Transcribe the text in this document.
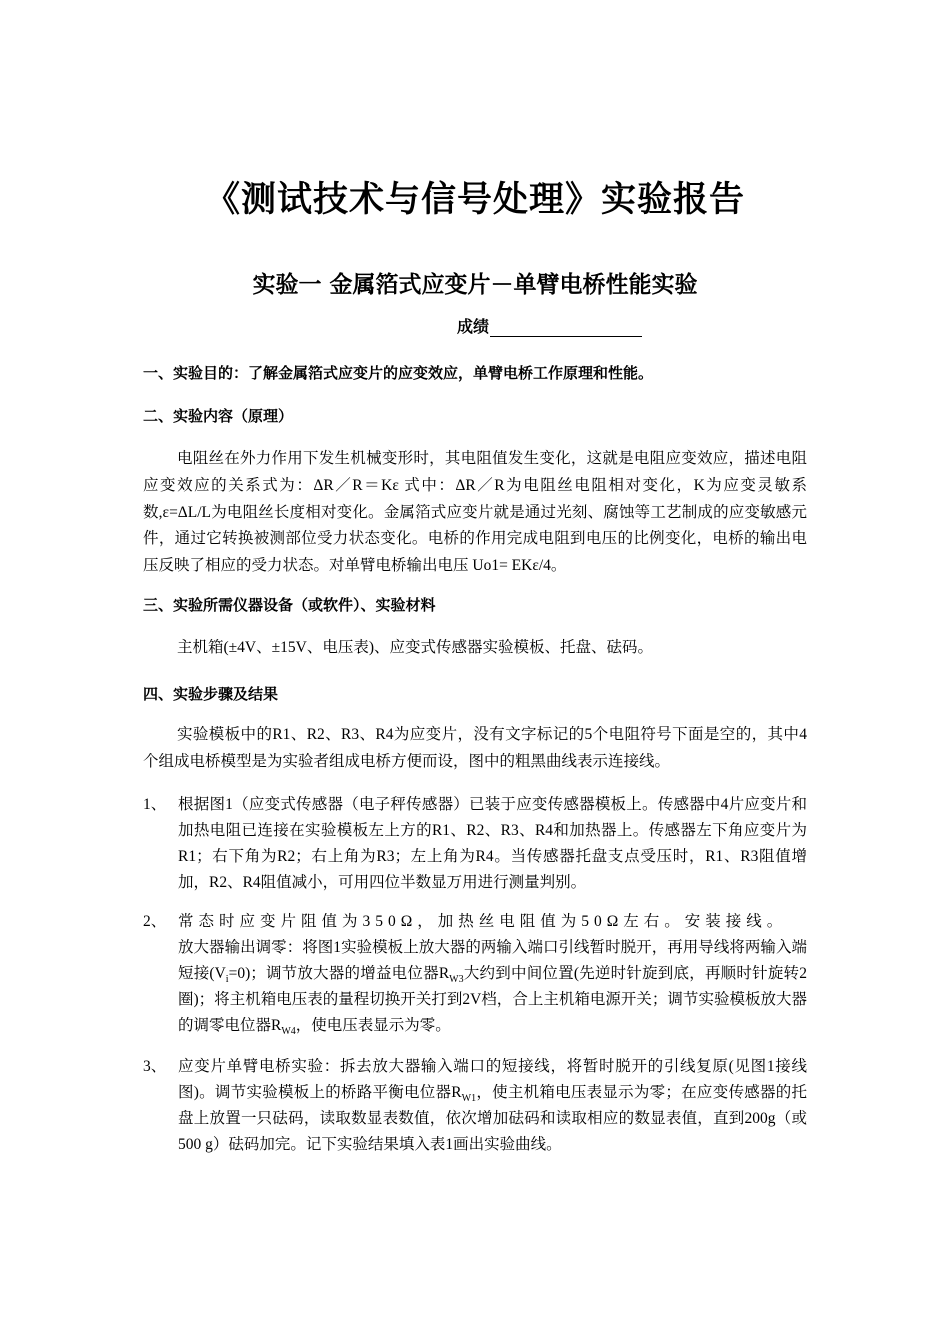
《测试技术与信号处理》实验报告
实验一 金属箔式应变片－单臂电桥性能实验
成绩
一、实验目的：了解金属箔式应变片的应变效应，单臂电桥工作原理和性能。
二、实验内容（原理）
电阻丝在外力作用下发生机械变形时，其电阻值发生变化，这就是电阻应变效应，描述电阻应变效应的关系式为：ΔR／R＝Kε 式中：ΔR／R为电阻丝电阻相对变化，K为应变灵敏系数,ε=ΔL/L为电阻丝长度相对变化。金属箔式应变片就是通过光刻、腐蚀等工艺制成的应变敏感元件，通过它转换被测部位受力状态变化。电桥的作用完成电阻到电压的比例变化，电桥的输出电压反映了相应的受力状态。对单臂电桥输出电压 Uo1= EKε/4。
三、实验所需仪器设备（或软件）、实验材料
主机箱(±4V、±15V、电压表)、应变式传感器实验模板、托盘、砝码。
四、实验步骤及结果
实验模板中的R1、R2、R3、R4为应变片，没有文字标记的5个电阻符号下面是空的，其中4个组成电桥模型是为实验者组成电桥方便而设，图中的粗黑曲线表示连接线。
1、 根据图1（应变式传感器（电子秤传感器）已装于应变传感器模板上。传感器中4片应变片和加热电阻已连接在实验模板左上方的R1、R2、R3、R4和加热器上。传感器左下角应变片为R1；右下角为R2；右上角为R3；左上角为R4。当传感器托盘支点受压时，R1、R3阻值增加，R2、R4阻值减小，可用四位半数显万用进行测量判别。
2、 常态时应变片阻值为350Ω，加热丝电阻值为50Ω左右。安装接线。
放大器输出调零：将图1实验模板上放大器的两输入端口引线暂时脱开，再用导线将两输入端短接$(V_i=0)$；调节放大器的增益电位器$R_{W3}$大约到中间位置(先逆时针旋到底，再顺时针旋转2圈)；将主机箱电压表的量程切换开关打到2V档，合上主机箱电源开关；调节实验模板放大器的调零电位器$R_{W4}$，使电压表显示为零。
3、 应变片单臂电桥实验：拆去放大器输入端口的短接线，将暂时脱开的引线复原(见图1接线图)。调节实验模板上的桥路平衡电位器$R_{W1}$，使主机箱电压表显示为零；在应变传感器的托盘上放置一只砝码，读取数显表数值，依次增加砝码和读取相应的数显表值，直到200g（或500 g）砝码加完。记下实验结果填入表1画出实验曲线。
